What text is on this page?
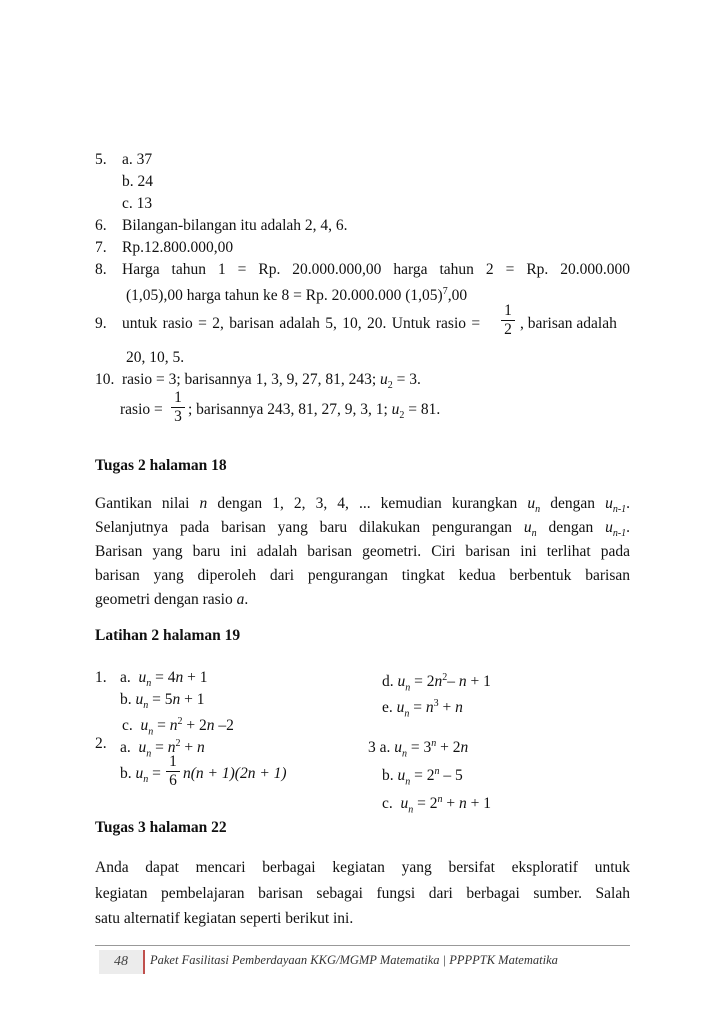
5. a. 37
b. 24
c. 13
6. Bilangan-bilangan itu adalah 2, 4, 6.
7. Rp.12.800.000,00
8. Harga tahun 1 = Rp. 20.000.000,00 harga tahun 2 = Rp. 20.000.000
(1,05),00 harga tahun ke 8 = Rp. 20.000.000 $(1,05)^7,00$
9. untuk rasio = 2, barisan adalah 5, 10, 20. Untuk rasio =
1
2 , barisan adalah
20, 10, 5.
10. rasio = 3; barisannya 1, 3, 9, 27, 81, 243; $u_2 = 3$.
rasio =
1
3 ; barisannya 243, 81, 27, 9, 3, 1; $u_2 = 81$.
Tugas 2 halaman 18
Gantikan nilai n dengan 1, 2, 3, 4, ... kemudian kurangkan $u_n$ dengan $u_{n-1}$.
Selanjutnya pada barisan yang baru dilakukan pengurangan $u_n$ dengan $u_{n-1}$.
Barisan yang baru ini adalah barisan geometri. Ciri barisan ini terlihat pada
barisan yang diperoleh dari pengurangan tingkat kedua berbentuk barisan
geometri dengan rasio a.
Latihan 2 halaman 19
1. a. $u_n = 4n + 1$	d. $u_n = 2n^2-$ n + 1
b. $u_n = 5n + 1$	e. $u_n = n^3 + n$
c. $u_n = n^2 + 2n$ –2
2. a. $u_n = n^2 + n$	3 a. $u_n = 3^n + 2n$
b. $u_n$ =
1
6 n(n + 1)(2n + 1)	b. $u_n = 2^n - 5$
c. $u_n = 2^n + n + 1$
Tugas 3 halaman 22
Anda dapat mencari berbagai kegiatan yang bersifat eksploratif untuk
kegiatan pembelajaran barisan sebagai fungsi dari berbagai sumber. Salah
satu alternatif kegiatan seperti berikut ini.
48	Paket Fasilitasi Pemberdayaan KKG/MGMP Matematika | PPPPTK Matematika
